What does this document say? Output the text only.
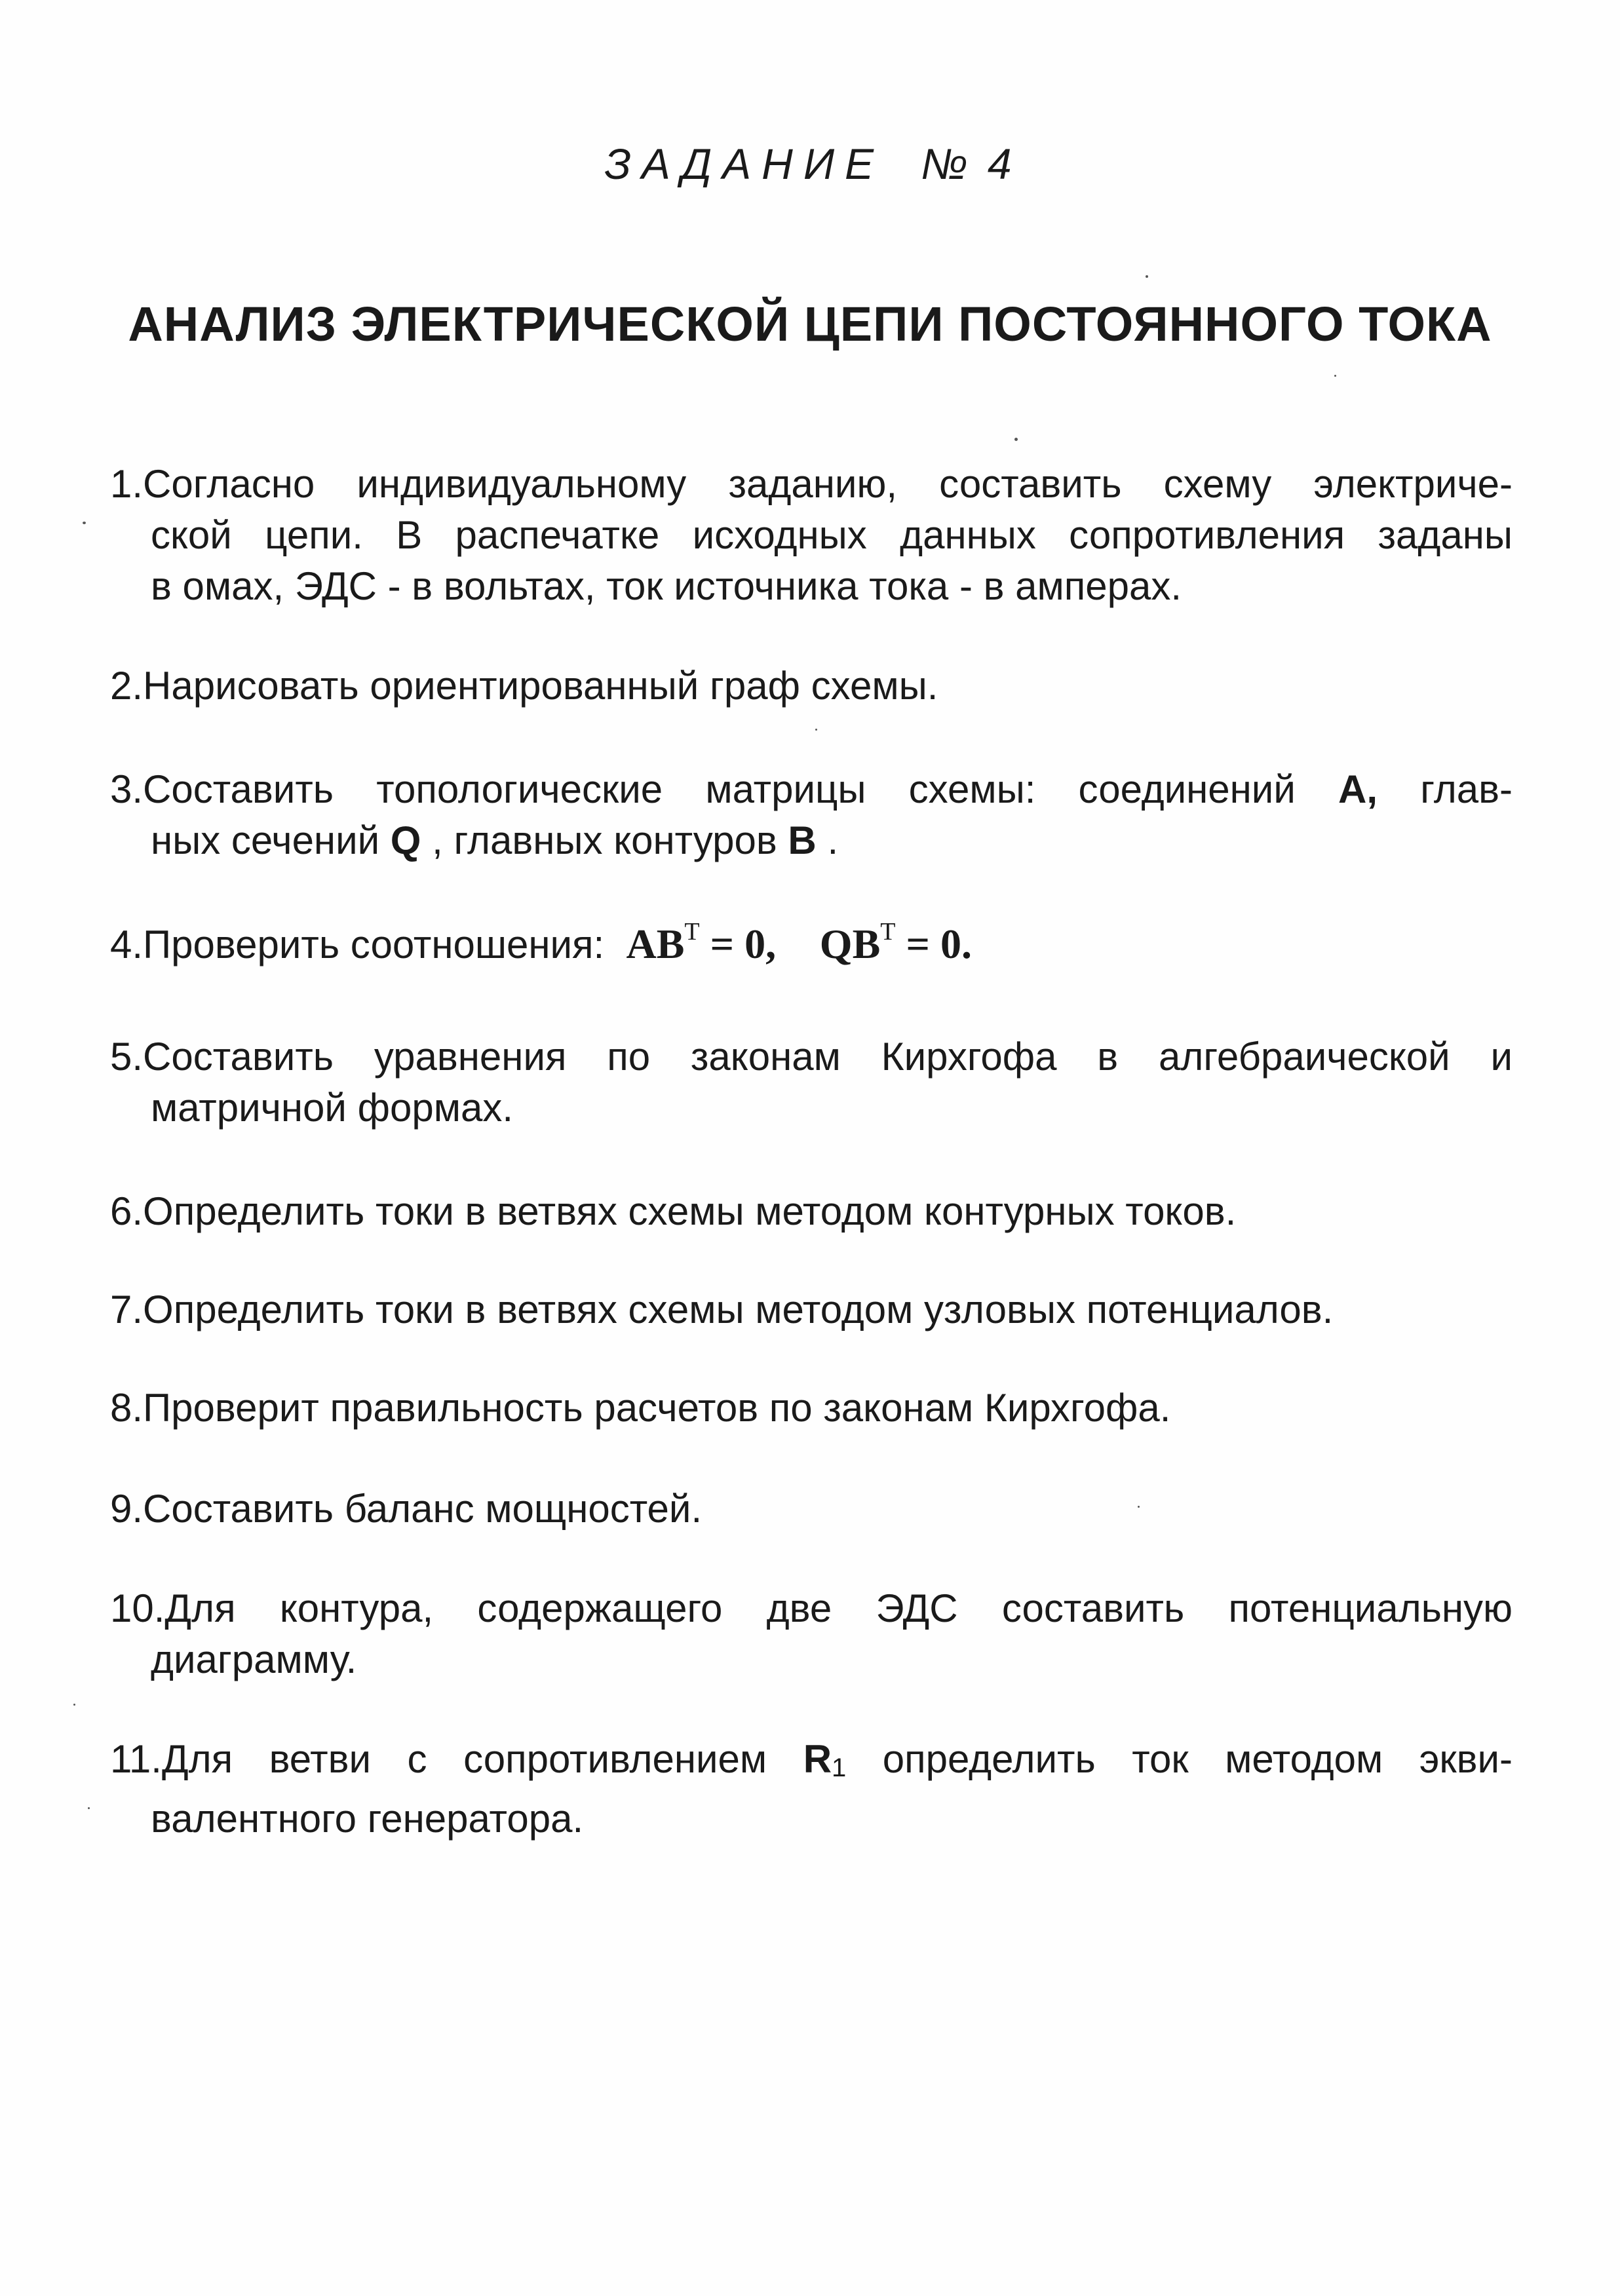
ЗАДАНИЕ № 4
АНАЛИЗ ЭЛЕКТРИЧЕСКОЙ ЦЕПИ ПОСТОЯННОГО ТОКА
1.Согласно индивидуальному заданию, составить схему электриче-
ской цепи. В распечатке исходных данных сопротивления заданы
в омах, ЭДС - в вольтах, ток источника тока - в амперах.
2.Нарисовать ориентированный граф схемы.
3.Составить топологические матрицы схемы: соединений А, глав-
ных сечений Q , главных контуров В .
4.Проверить соотношения: $AB^T = 0$, $QB^T = 0$.
5.Составить уравнения по законам Кирхгофа в алгебраической и
матричной формах.
6.Определить токи в ветвях схемы методом контурных токов.
7.Определить токи в ветвях схемы методом узловых потенциалов.
8.Проверит правильность расчетов по законам Кирхгофа.
9.Составить баланс мощностей.
10.Для контура, содержащего две ЭДС составить потенциальную
диаграмму.
11.Для ветви с сопротивлением R1 определить ток методом экви-
валентного генератора.
